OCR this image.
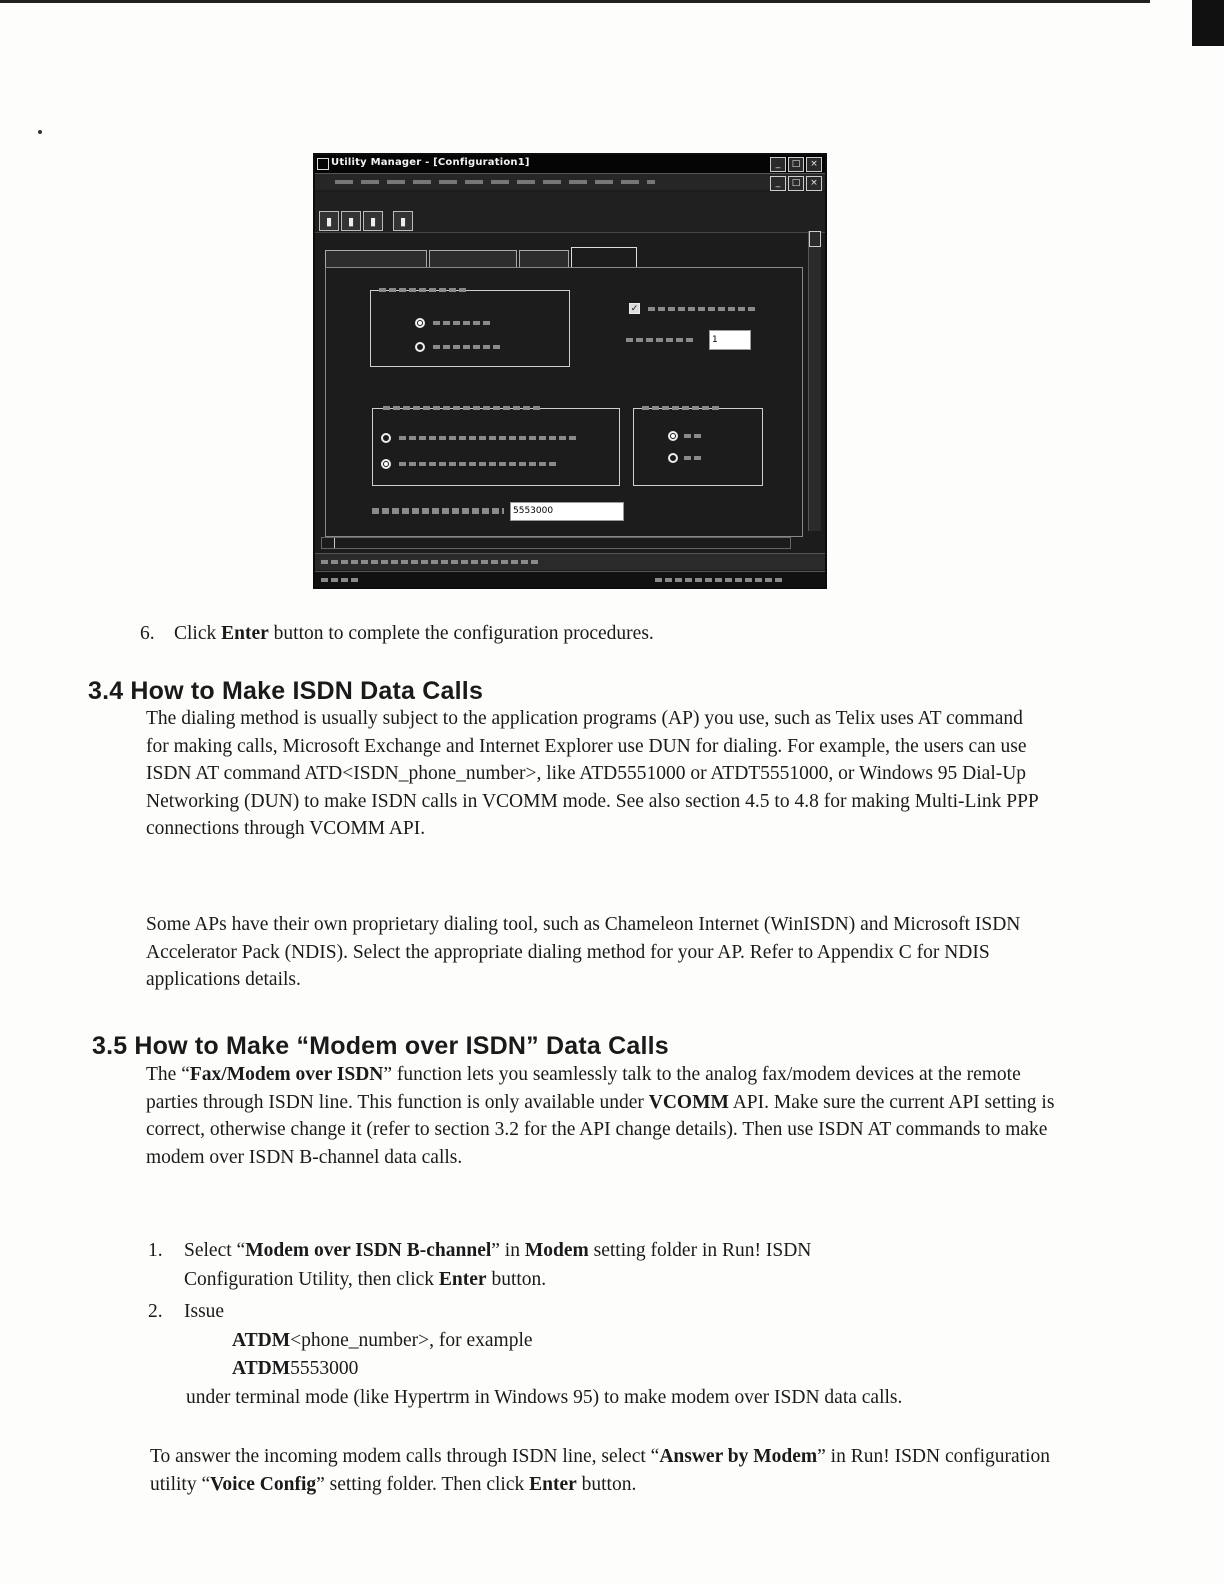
Utility Manager - [Configuration1]	_	□	×
_	□	×
▮	▮	▮	▮
✓
1
5553000
6. Click Enter button to complete the configuration procedures.
3.4 How to Make ISDN Data Calls

The dialing method is usually subject to the application programs (AP) you use, such as Telix uses AT command for making calls, Microsoft Exchange and Internet Explorer use DUN for dialing. For example, the users can use ISDN AT command ATD<ISDN_phone_number>, like ATD5551000 or ATDT5551000, or Windows 95 Dial-Up Networking (DUN) to make ISDN calls in VCOMM mode. See also section 4.5 to 4.8 for making Multi-Link PPP connections through VCOMM API.

Some APs have their own proprietary dialing tool, such as Chameleon Internet (WinISDN) and Microsoft ISDN Accelerator Pack (NDIS). Select the appropriate dialing method for your AP. Refer to Appendix C for NDIS applications details.

3.5 How to Make “Modem over ISDN” Data Calls

The “Fax/Modem over ISDN” function lets you seamlessly talk to the analog fax/modem devices at the remote parties through ISDN line. This function is only available under VCOMM API. Make sure the current API setting is correct, otherwise change it (refer to section 3.2 for the API change details). Then use ISDN AT commands to make modem over ISDN B-channel data calls.

1. Select “Modem over ISDN B-channel” in Modem setting folder in Run! ISDN
Configuration Utility, then click Enter button.
2. Issue
ATDM<phone_number>, for example
ATDM5553000
under terminal mode (like Hypertrm in Windows 95) to make modem over ISDN data calls.

To answer the incoming modem calls through ISDN line, select “Answer by Modem” in Run! ISDN configuration utility “Voice Config” setting folder. Then click Enter button.
